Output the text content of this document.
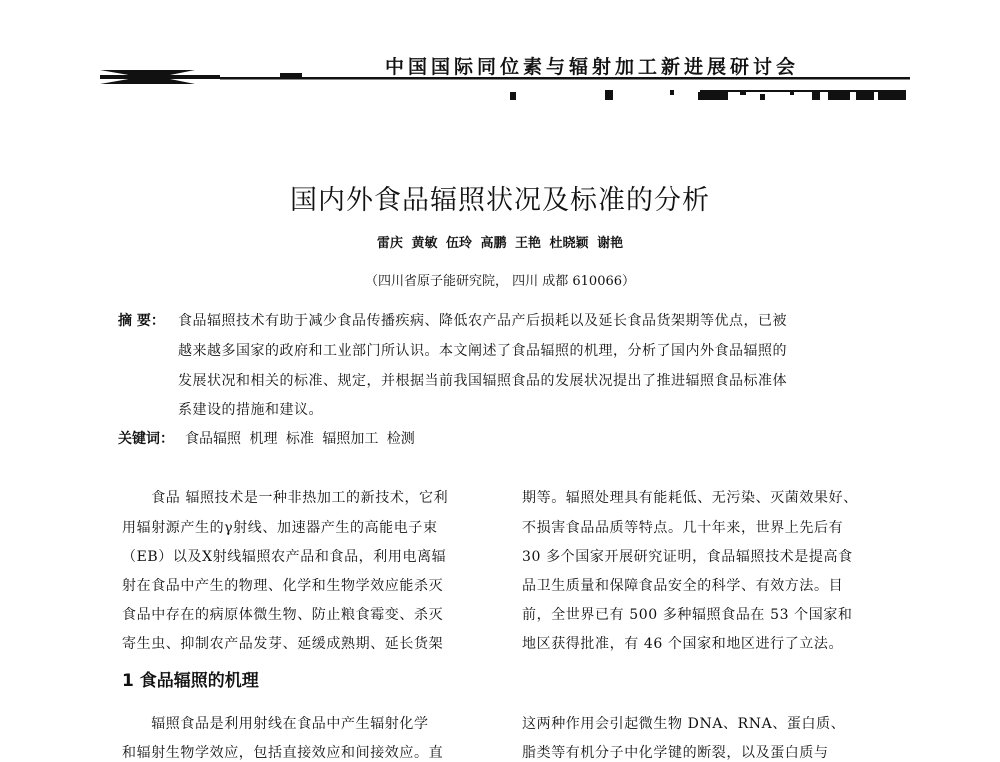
中国国际同位素与辐射加工新进展研讨会
国内外食品辐照状况及标准的分析
雷庆 黄敏 伍玲 高鹏 王艳 杜晓颖 谢艳
（四川省原子能研究院， 四川 成都 610066）
摘 要： 食品辐照技术有助于减少食品传播疾病、降低农产品产后损耗以及延长食品货架期等优点，已被
越来越多国家的政府和工业部门所认识。本文阐述了食品辐照的机理，分析了国内外食品辐照的
发展状况和相关的标准、规定，并根据当前我国辐照食品的发展状况提出了推进辐照食品标准体
系建设的措施和建议。
关键词： 食品辐照 机理 标准 辐照加工 检测
　　食品 辐照技术是一种非热加工的新技术，它利
用辐射源产生的γ射线、加速器产生的高能电子束
（EB）以及X射线辐照农产品和食品，利用电离辐
射在食品中产生的物理、化学和生物学效应能杀灭
食品中存在的病原体微生物、防止粮食霉变、杀灭
寄生虫、抑制农产品发芽、延缓成熟期、延长货架
期等。辐照处理具有能耗低、无污染、灭菌效果好、
不损害食品品质等特点。几十年来，世界上先后有
30 多个国家开展研究证明，食品辐照技术是提高食
品卫生质量和保障食品安全的科学、有效方法。目
前，全世界已有 500 多种辐照食品在 53 个国家和
地区获得批准，有 46 个国家和地区进行了立法。
1 食品辐照的机理
　　辐照食品是利用射线在食品中产生辐射化学
和辐射生物学效应，包括直接效应和间接效应。直
这两种作用会引起微生物 DNA、RNA、蛋白质、
脂类等有机分子中化学键的断裂，以及蛋白质与
